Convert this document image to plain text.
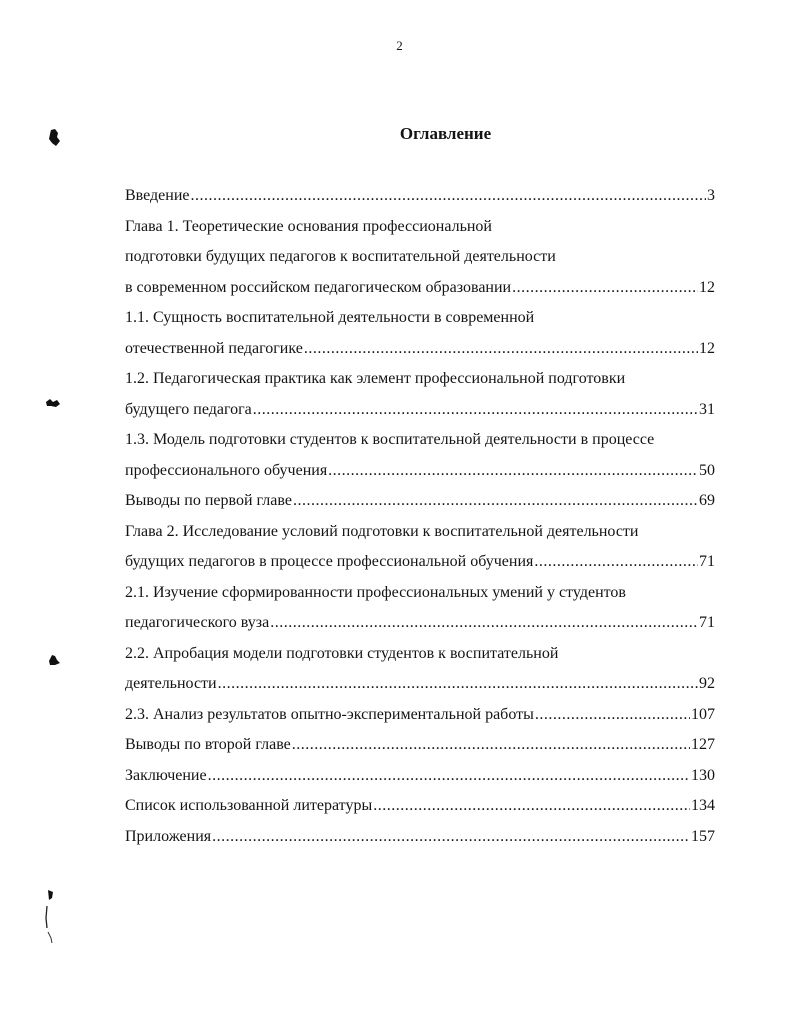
2
Оглавление
Введение .....	3
Глава 1. Теоретические основания профессиональной
подготовки будущих педагогов к воспитательной деятельности
в современном российском педагогическом образовании .....	12
1.1. Сущность воспитательной деятельности в современной
отечественной педагогике .....	12
1.2. Педагогическая практика как элемент профессиональной подготовки
будущего педагога .....	31
1.3. Модель подготовки студентов к воспитательной деятельности в процессе
профессионального обучения .....	50
Выводы по первой главе .....	69
Глава 2. Исследование условий подготовки к воспитательной деятельности
будущих педагогов в процессе профессиональной обучения .....	71
2.1. Изучение сформированности профессиональных умений у студентов
педагогического вуза .....	71
2.2. Апробация модели подготовки студентов к воспитательной
деятельности .....	92
2.3. Анализ результатов опытно-экспериментальной работы .....	107
Выводы по второй главе .....	127
Заключение .....	130
Список использованной литературы .....	134
Приложения .....	157
